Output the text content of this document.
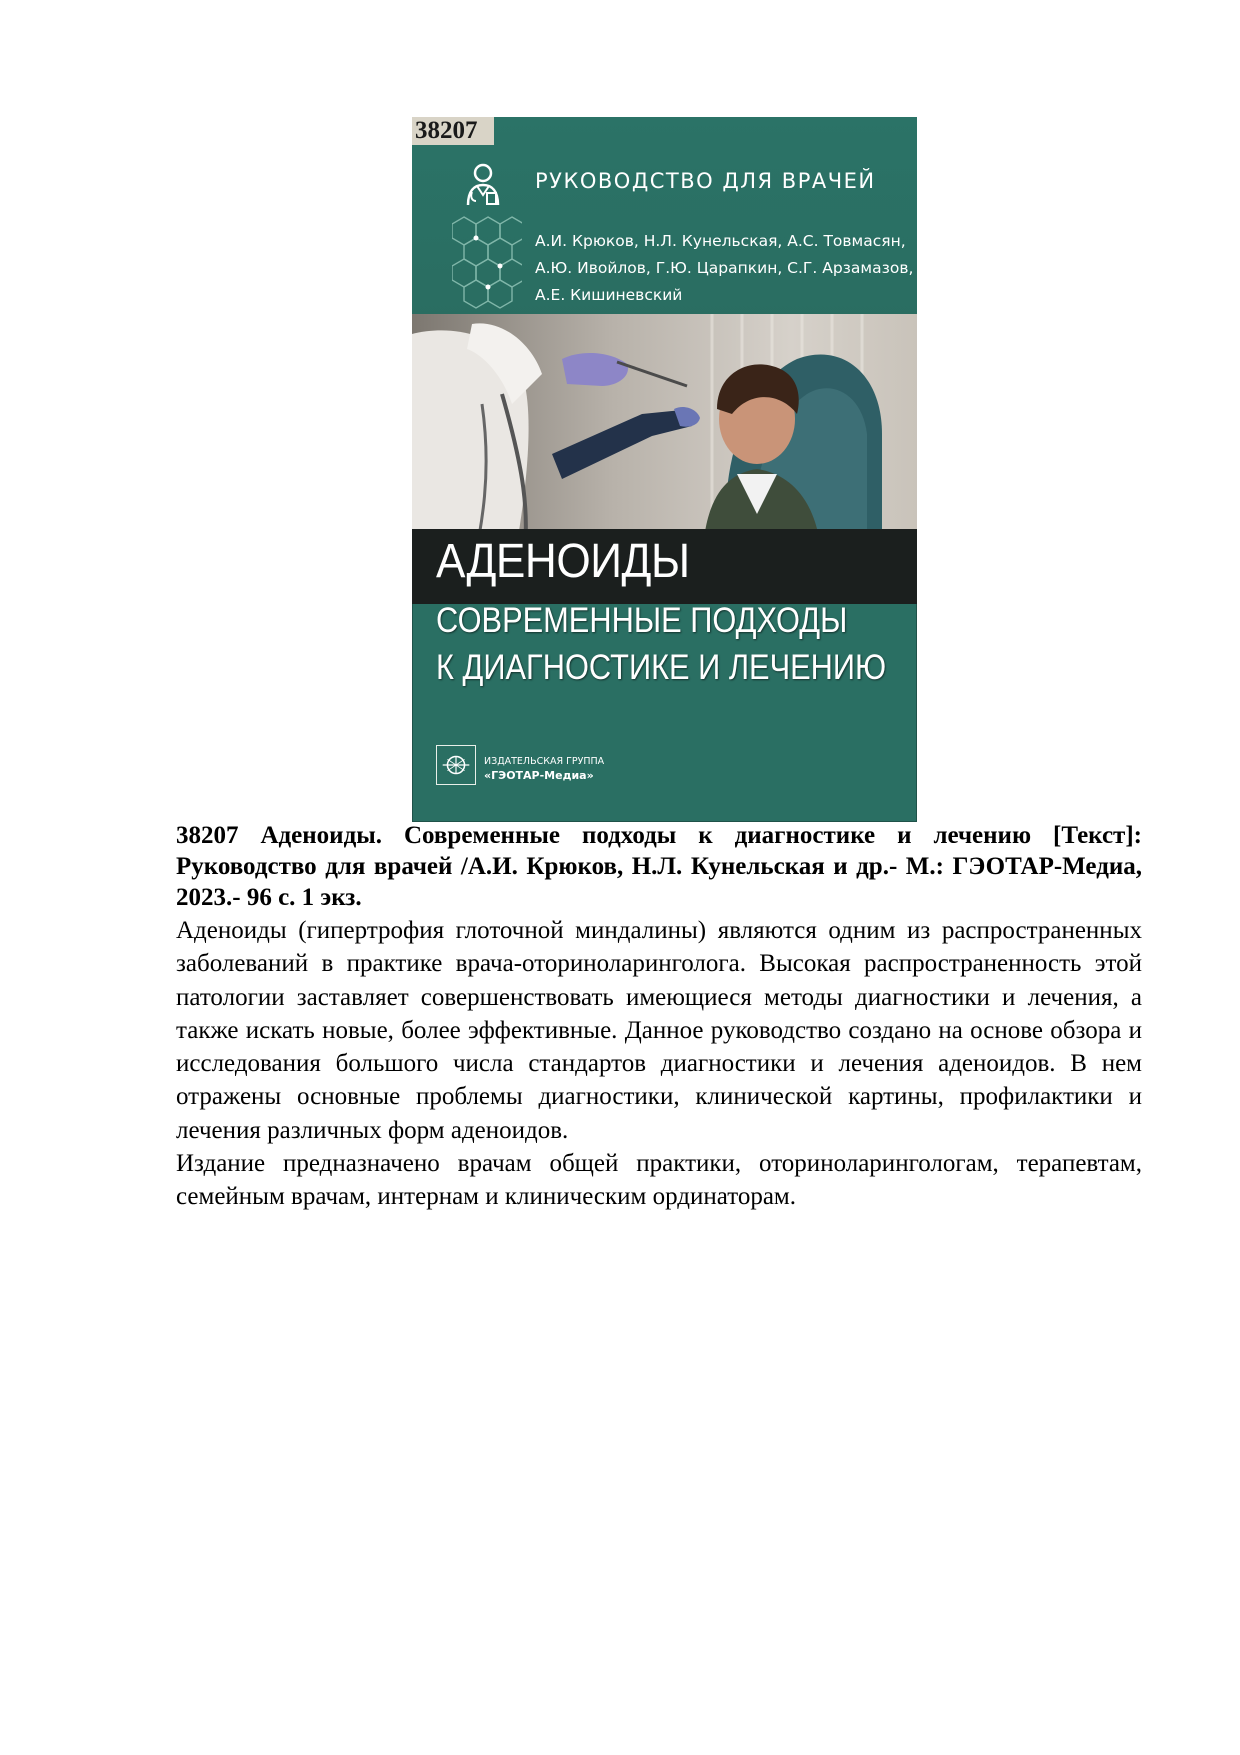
38207
РУКОВОДСТВО ДЛЯ ВРАЧЕЙ
А.И. Крюков, Н.Л. Кунельская, А.С. Товмасян,
А.Ю. Ивойлов, Г.Ю. Царапкин, С.Г. Арзамазов,
А.Е. Кишиневский
АДЕНОИДЫ
СОВРЕМЕННЫЕ ПОДХОДЫ
К ДИАГНОСТИКЕ И ЛЕЧЕНИЮ
ИЗДАТЕЛЬСКАЯ ГРУППА
«ГЭОТАР-Медиа»

38207 Аденоиды. Современные подходы к диагностике и лечению [Текст]: Руководство для врачей /А.И. Крюков, Н.Л. Кунельская и др.- М.: ГЭОТАР-Медиа, 2023.- 96 с. 1 экз.

Аденоиды (гипертрофия глоточной миндалины) являются одним из распространенных заболеваний в практике врача-оториноларинголога. Высокая распространенность этой патологии заставляет совершенствовать имеющиеся методы диагностики и лечения, а также искать новые, более эффективные. Данное руководство создано на основе обзора и исследования большого числа стандартов диагностики и лечения аденоидов. В нем отражены основные проблемы диагностики, клинической картины, профилактики и лечения различных форм аденоидов.

Издание предназначено врачам общей практики, оториноларингологам, терапевтам, семейным врачам, интернам и клиническим ординаторам.
